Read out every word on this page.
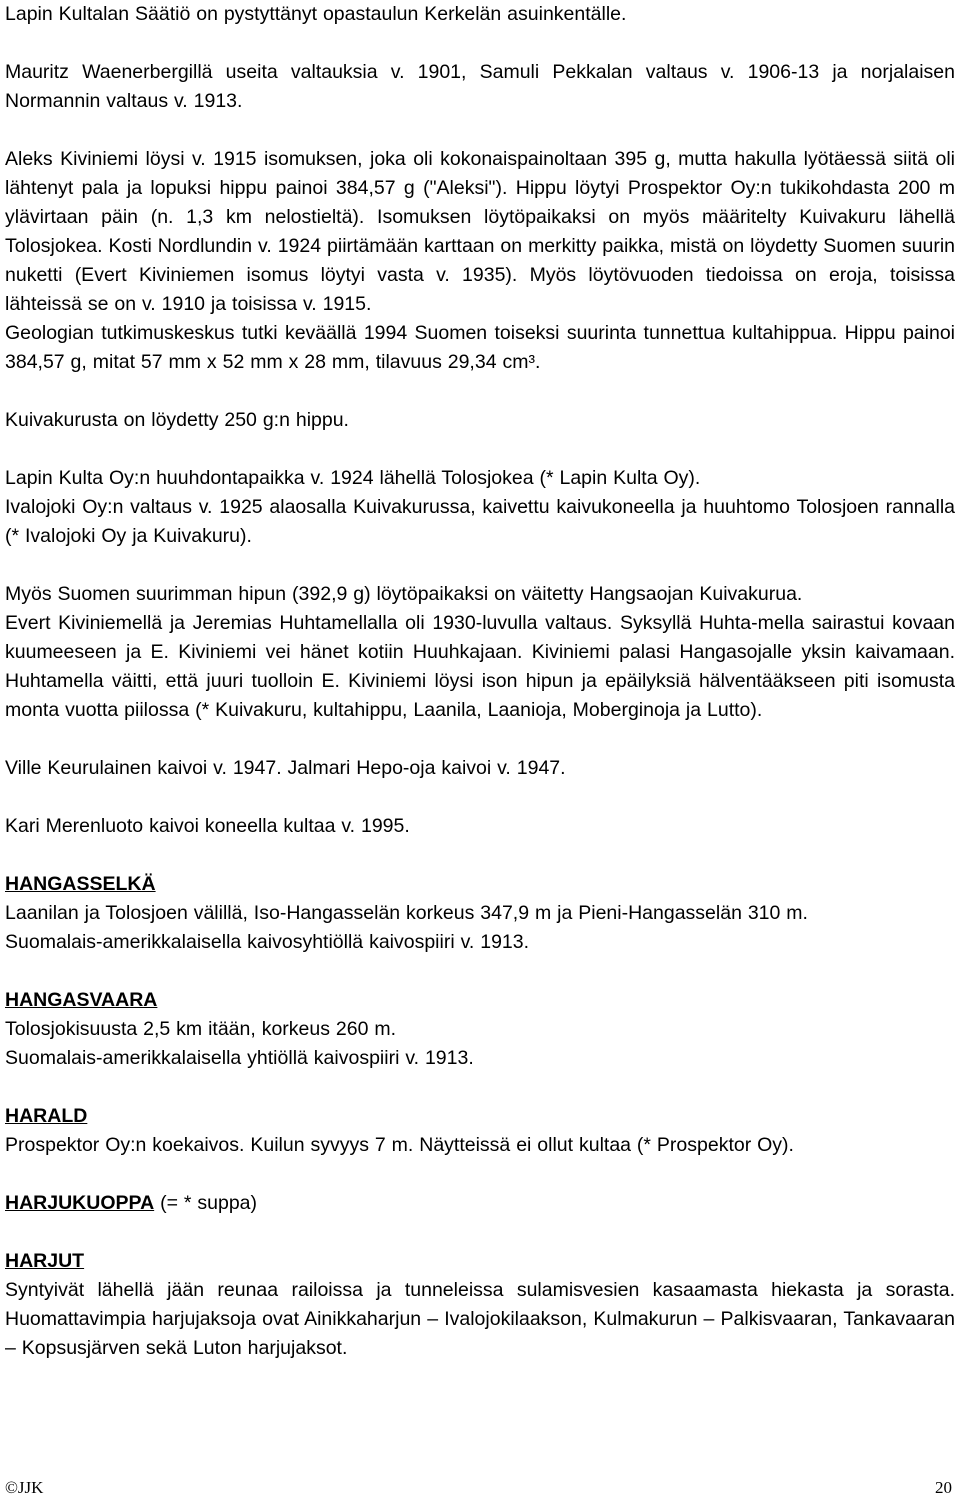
Lapin Kultalan Säätiö on pystyttänyt opastaulun Kerkelän asuinkentälle.

Mauritz Waenerbergillä useita valtauksia v. 1901, Samuli Pekkalan valtaus v. 1906-13 ja norjalaisen Normannin valtaus v. 1913.

Aleks Kiviniemi löysi v. 1915 isomuksen, joka oli kokonaispainoltaan 395 g, mutta hakulla lyötäessä siitä oli lähtenyt pala ja lopuksi hippu painoi 384,57 g ("Aleksi"). Hippu löytyi Prospektor Oy:n tukikohdasta 200 m ylävirtaan päin (n. 1,3 km nelostieltä). Isomuksen löytöpaikaksi on myös määritelty Kuivakuru lähellä Tolosjokea. Kosti Nordlundin v. 1924 piirtämään karttaan on merkitty paikka, mistä on löydetty Suomen suurin nuketti (Evert Kiviniemen isomus löytyi vasta v. 1935). Myös löytövuoden tiedoissa on eroja, toisissa lähteissä se on v. 1910 ja toisissa v. 1915.

Geologian tutkimuskeskus tutki keväällä 1994 Suomen toiseksi suurinta tunnettua kultahippua. Hippu painoi 384,57 g, mitat 57 mm x 52 mm x 28 mm, tilavuus 29,34 cm³.

Kuivakurusta on löydetty 250 g:n hippu.

Lapin Kulta Oy:n huuhdontapaikka v. 1924 lähellä Tolosjokea (* Lapin Kulta Oy).

Ivalojoki Oy:n valtaus v. 1925 alaosalla Kuivakurussa, kaivettu kaivukoneella ja huuhtomo Tolosjoen rannalla (* Ivalojoki Oy ja Kuivakuru).

Myös Suomen suurimman hipun (392,9 g) löytöpaikaksi on väitetty Hangsaojan Kuivakurua.

Evert Kiviniemellä ja Jeremias Huhtamellalla oli 1930-luvulla valtaus. Syksyllä Huhta-mella sairastui kovaan kuumeeseen ja E. Kiviniemi vei hänet kotiin Huuhkajaan. Kiviniemi palasi Hangasojalle yksin kaivamaan. Huhtamella väitti, että juuri tuolloin E. Kiviniemi löysi ison hipun ja epäilyksiä hälventääkseen piti isomusta monta vuotta piilossa (* Kuivakuru, kultahippu, Laanila, Laanioja, Moberginoja ja Lutto).

Ville Keurulainen kaivoi v. 1947. Jalmari Hepo-oja kaivoi v. 1947.

Kari Merenluoto kaivoi koneella kultaa v. 1995.

HANGASSELKÄ

Laanilan ja Tolosjoen välillä, Iso-Hangasselän korkeus 347,9 m ja Pieni-Hangasselän 310 m.

Suomalais-amerikkalaisella kaivosyhtiöllä kaivospiiri v. 1913.

HANGASVAARA

Tolosjokisuusta 2,5 km itään, korkeus 260 m.

Suomalais-amerikkalaisella yhtiöllä kaivospiiri v. 1913.

HARALD

Prospektor Oy:n koekaivos. Kuilun syvyys 7 m. Näytteissä ei ollut kultaa (* Prospektor Oy).

HARJUKUOPPA (= * suppa)

HARJUT

Syntyivät lähellä jään reunaa railoissa ja tunneleissa sulamisvesien kasaamasta hiekasta ja sorasta. Huomattavimpia harjujaksoja ovat Ainikkaharjun – Ivalojokilaakson, Kulmakurun – Palkisvaaran, Tankavaaran – Kopsusjärven sekä Luton harjujaksot.

©JJK	20
